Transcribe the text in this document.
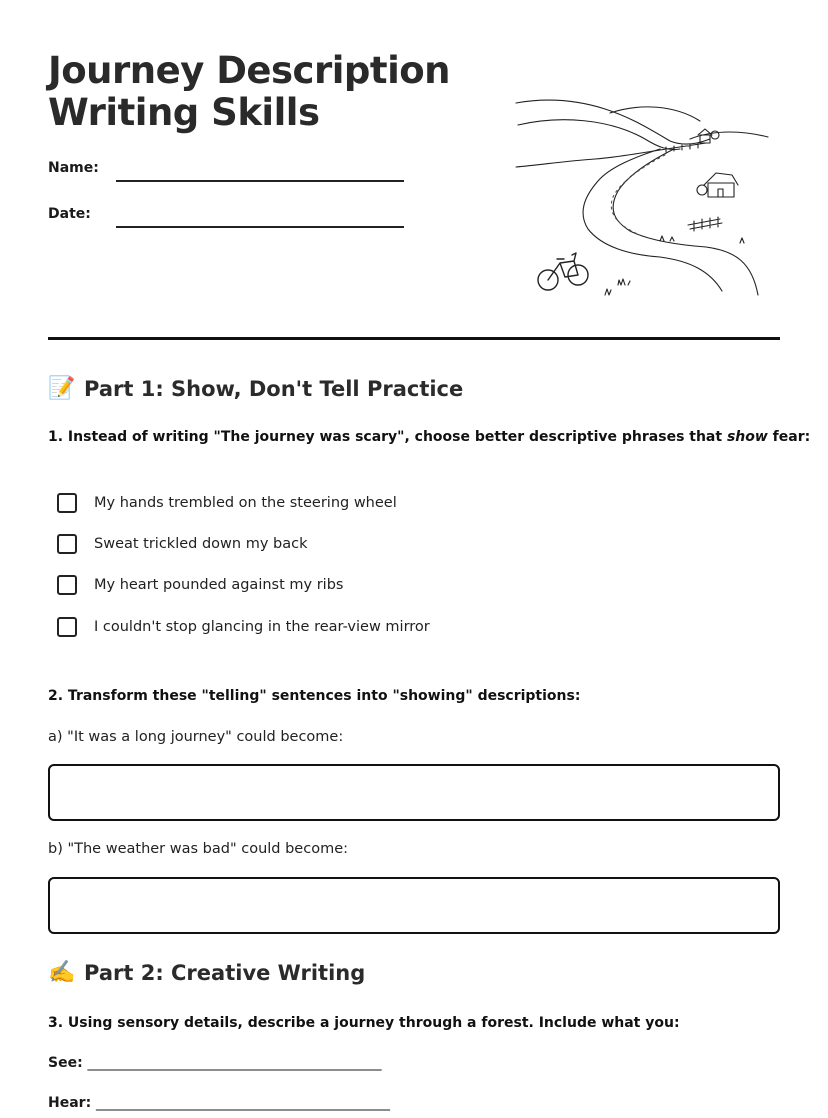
Journey Description
Writing Skills
Name:
Date:
📝 Part 1: Show, Don't Tell Practice

1. Instead of writing "The journey was scary", choose better descriptive phrases that show fear:

My hands trembled on the steering wheel
Sweat trickled down my back
My heart pounded against my ribs
I couldn't stop glancing in the rear-view mirror

2. Transform these "telling" sentences into "showing" descriptions:

a) "It was a long journey" could become:
b) "The weather was bad" could become:
✍️ Part 2: Creative Writing

3. Using sensory details, describe a journey through a forest. Include what you:

See: __________________________________________
Hear: __________________________________________
